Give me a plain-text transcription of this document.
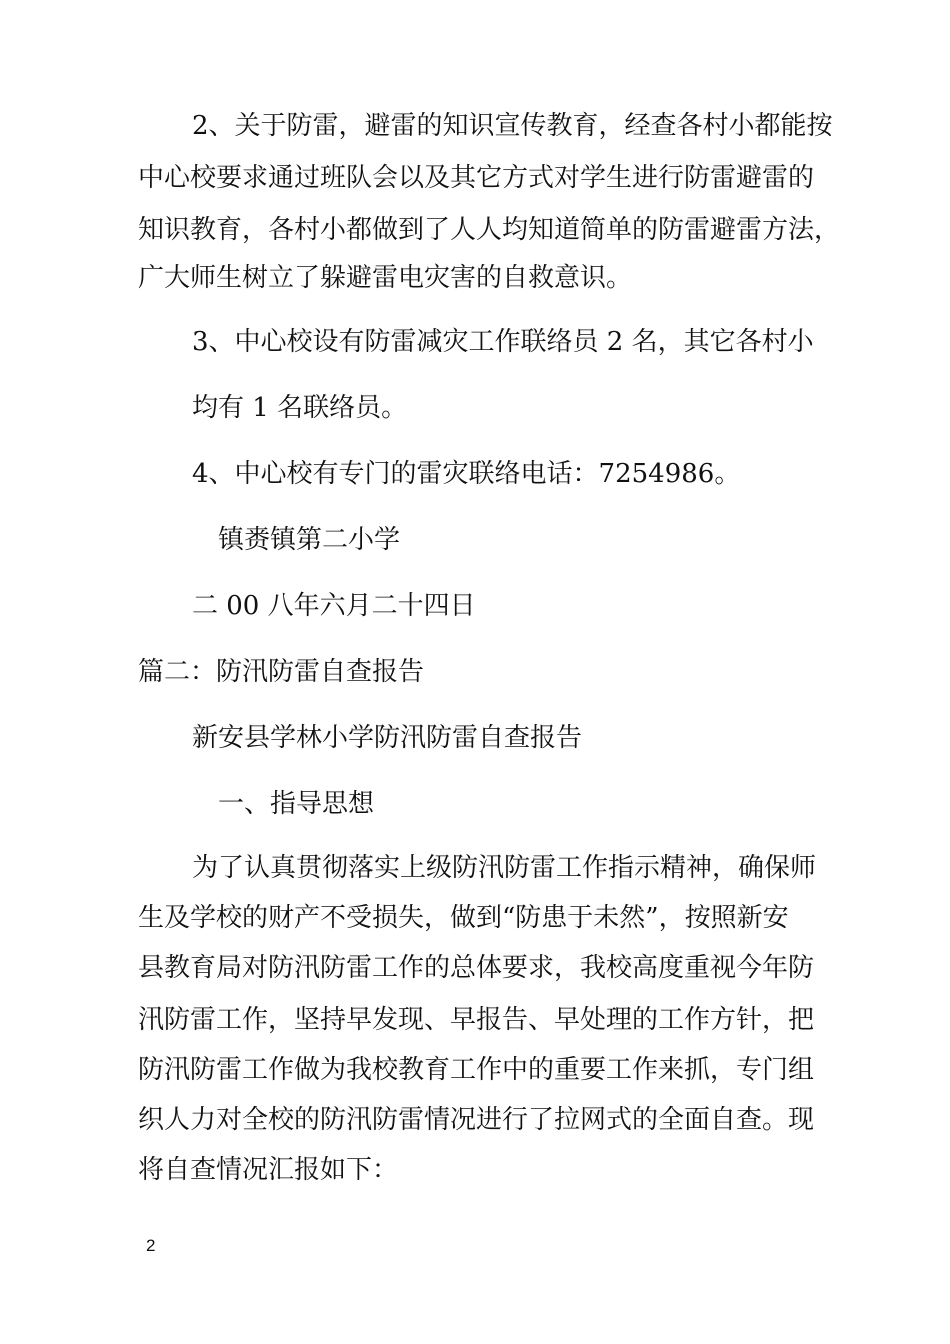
2、关于防雷，避雷的知识宣传教育，经查各村小都能按
中心校要求通过班队会以及其它方式对学生进行防雷避雷的
知识教育，各村小都做到了人人均知道简单的防雷避雷方法，
广大师生树立了躲避雷电灾害的自救意识。
3、中心校设有防雷减灾工作联络员 2 名，其它各村小
均有 1 名联络员。
4、中心校有专门的雷灾联络电话：7254986。
镇赉镇第二小学
二 00 八年六月二十四日
篇二：防汛防雷自查报告
新安县学林小学防汛防雷自查报告
一、指导思想
为了认真贯彻落实上级防汛防雷工作指示精神，确保师
生及学校的财产不受损失，做到“防患于未然”，按照新安
县教育局对防汛防雷工作的总体要求，我校高度重视今年防
汛防雷工作，坚持早发现、早报告、早处理的工作方针，把
防汛防雷工作做为我校教育工作中的重要工作来抓，专门组
织人力对全校的防汛防雷情况进行了拉网式的全面自查。现
将自查情况汇报如下：
2
